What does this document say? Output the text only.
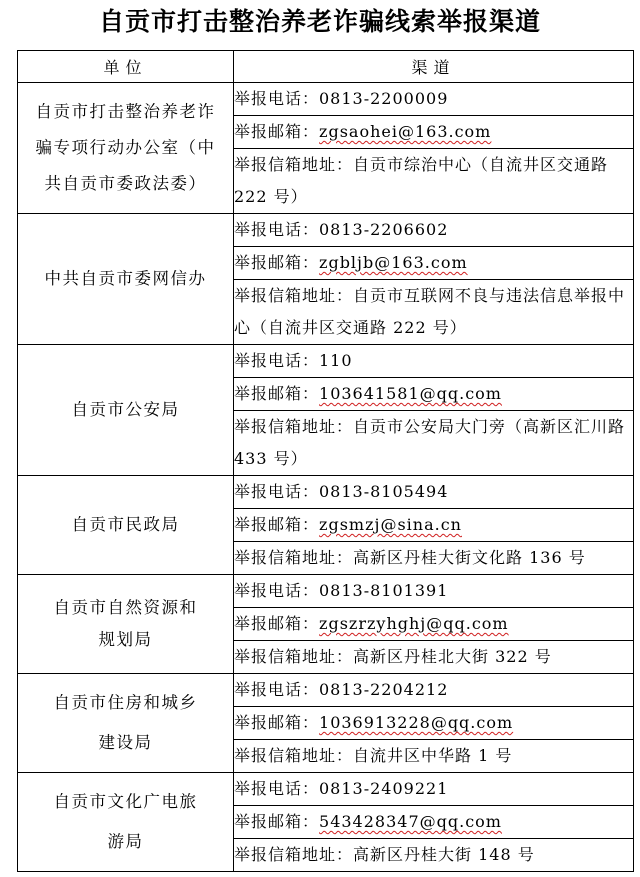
自贡市打击整治养老诈骗线索举报渠道
单位	渠道
自贡市打击整治养老诈骗专项行动办公室（中共自贡市委政法委）	举报电话：0813-2200009
	举报邮箱：zgsaohei@163.com
	举报信箱地址：自贡市综治中心（自流井区交通路 222 号）
中共自贡市委网信办	举报电话：0813-2206602
	举报邮箱：zgbljb@163.com
	举报信箱地址：自贡市互联网不良与违法信息举报中心（自流井区交通路 222 号）
自贡市公安局	举报电话：110
	举报邮箱：103641581@qq.com
	举报信箱地址：自贡市公安局大门旁（高新区汇川路 433 号）
自贡市民政局	举报电话：0813-8105494
	举报邮箱：zgsmzj@sina.cn
	举报信箱地址：高新区丹桂大街文化路 136 号
自贡市自然资源和规划局	举报电话：0813-8101391
	举报邮箱：zgszrzyhghj@qq.com
	举报信箱地址：高新区丹桂北大街 322 号
自贡市住房和城乡建设局	举报电话：0813-2204212
	举报邮箱：1036913228@qq.com
	举报信箱地址：自流井区中华路 1 号
自贡市文化广电旅游局	举报电话：0813-2409221
	举报邮箱：543428347@qq.com
	举报信箱地址：高新区丹桂大街 148 号
